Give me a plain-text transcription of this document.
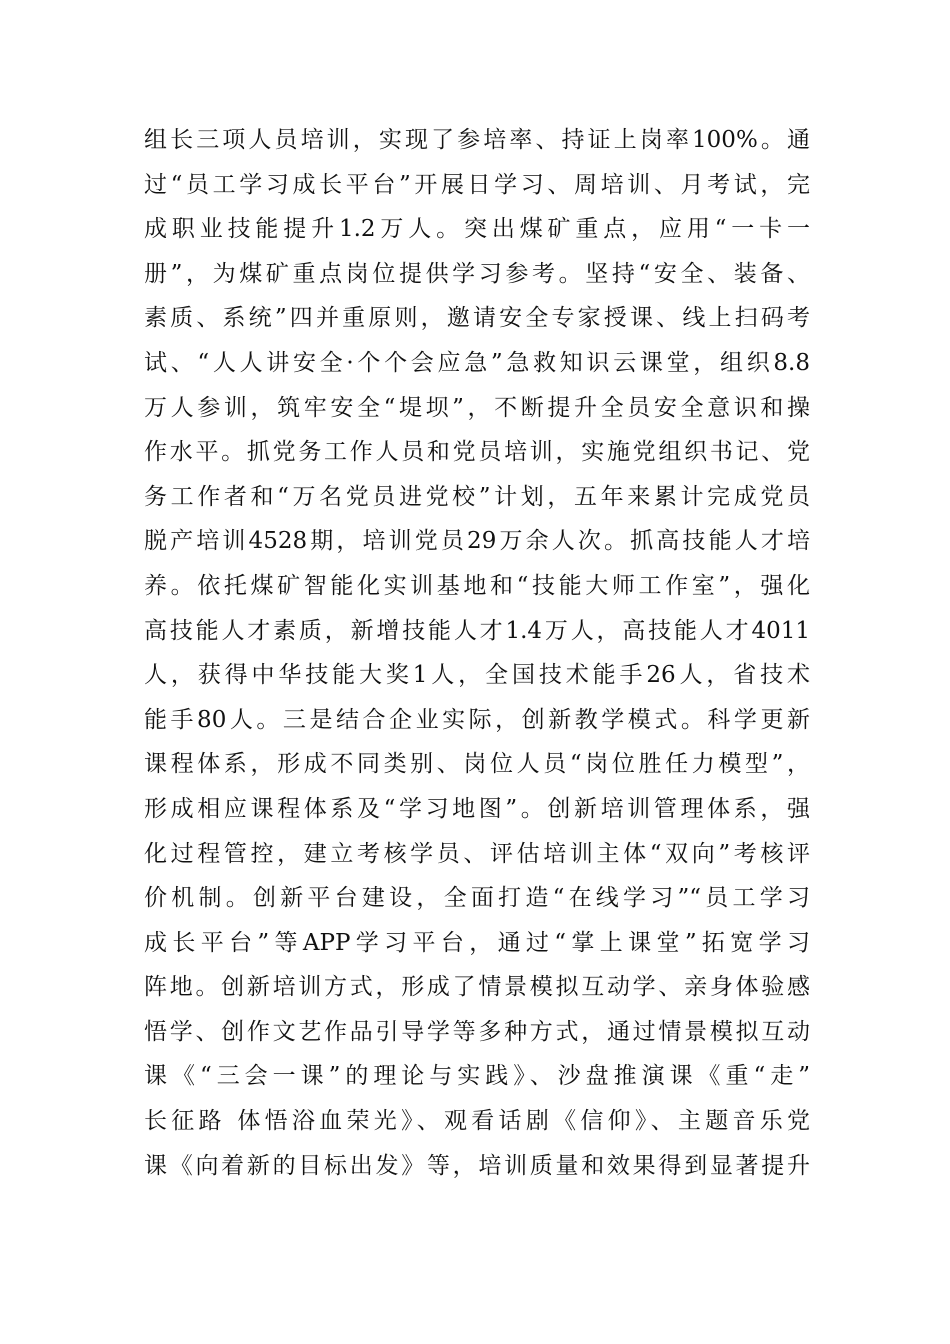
组长三项人员培训，实现了参培率、持证上岗率100%。通
过“员工学习成长平台”开展日学习、周培训、月考试，完
成职业技能提升1.2万人。突出煤矿重点，应用“一卡一
册”，为煤矿重点岗位提供学习参考。坚持“安全、装备、
素质、系统”四并重原则，邀请安全专家授课、线上扫码考
试、“人人讲安全·个个会应急”急救知识云课堂，组织8.8
万人参训，筑牢安全“堤坝”，不断提升全员安全意识和操
作水平。抓党务工作人员和党员培训，实施党组织书记、党
务工作者和“万名党员进党校”计划，五年来累计完成党员
脱产培训4528期，培训党员29万余人次。抓高技能人才培
养。依托煤矿智能化实训基地和“技能大师工作室”，强化
高技能人才素质，新增技能人才1.4万人，高技能人才4011
人，获得中华技能大奖1人，全国技术能手26人，省技术
能手80人。三是结合企业实际，创新教学模式。科学更新
课程体系，形成不同类别、岗位人员“岗位胜任力模型”，
形成相应课程体系及“学习地图”。创新培训管理体系，强
化过程管控，建立考核学员、评估培训主体“双向”考核评
价机制。创新平台建设，全面打造“在线学习”“员工学习
成长平台”等APP学习平台，通过“掌上课堂”拓宽学习
阵地。创新培训方式，形成了情景模拟互动学、亲身体验感
悟学、创作文艺作品引导学等多种方式，通过情景模拟互动
课《“三会一课”的理论与实践》、沙盘推演课《重“走”
长征路 体悟浴血荣光》、观看话剧《信仰》、主题音乐党
课《向着新的目标出发》等，培训质量和效果得到显著提升
